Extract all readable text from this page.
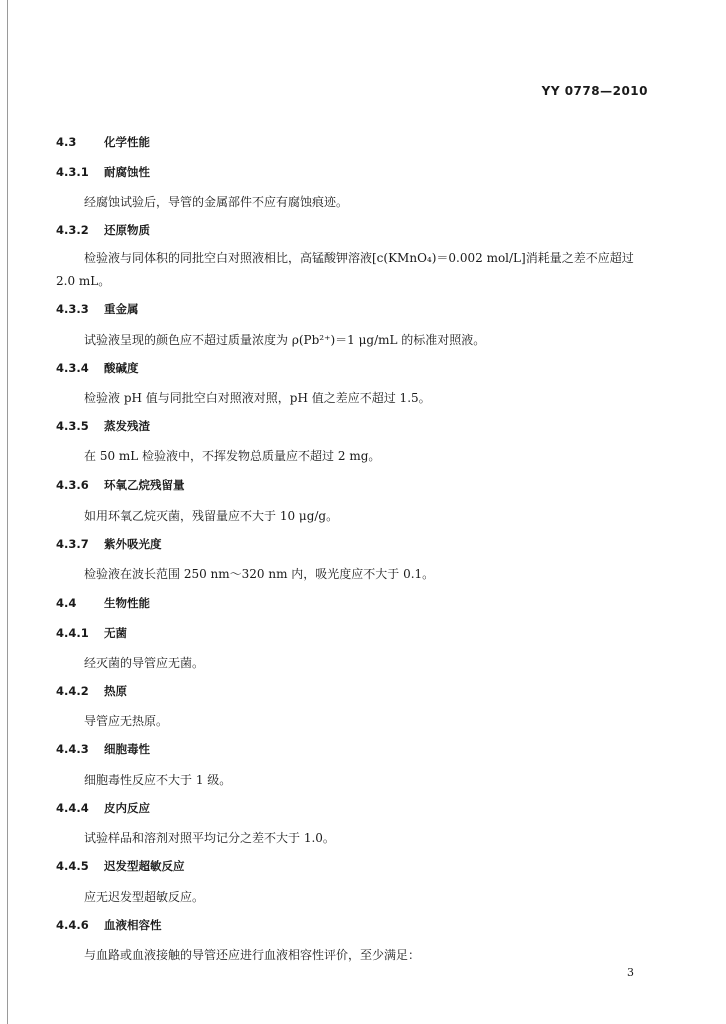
YY 0778—2010
4.3 化学性能
4.3.1 耐腐蚀性
经腐蚀试验后，导管的金属部件不应有腐蚀痕迹。
4.3.2 还原物质
检验液与同体积的同批空白对照液相比，高锰酸钾溶液[c(KMnO₄)＝0.002 mol/L]消耗量之差不应超过 2.0 mL。
4.3.3 重金属
试验液呈现的颜色应不超过质量浓度为 ρ(Pb²⁺)＝1 μg/mL 的标准对照液。
4.3.4 酸碱度
检验液 pH 值与同批空白对照液对照，pH 值之差应不超过 1.5。
4.3.5 蒸发残渣
在 50 mL 检验液中，不挥发物总质量应不超过 2 mg。
4.3.6 环氧乙烷残留量
如用环氧乙烷灭菌，残留量应不大于 10 μg/g。
4.3.7 紫外吸光度
检验液在波长范围 250 nm～320 nm 内，吸光度应不大于 0.1。
4.4 生物性能
4.4.1 无菌
经灭菌的导管应无菌。
4.4.2 热原
导管应无热原。
4.4.3 细胞毒性
细胞毒性反应不大于 1 级。
4.4.4 皮内反应
试验样品和溶剂对照平均记分之差不大于 1.0。
4.4.5 迟发型超敏反应
应无迟发型超敏反应。
4.4.6 血液相容性
与血路或血液接触的导管还应进行血液相容性评价，至少满足：
3
